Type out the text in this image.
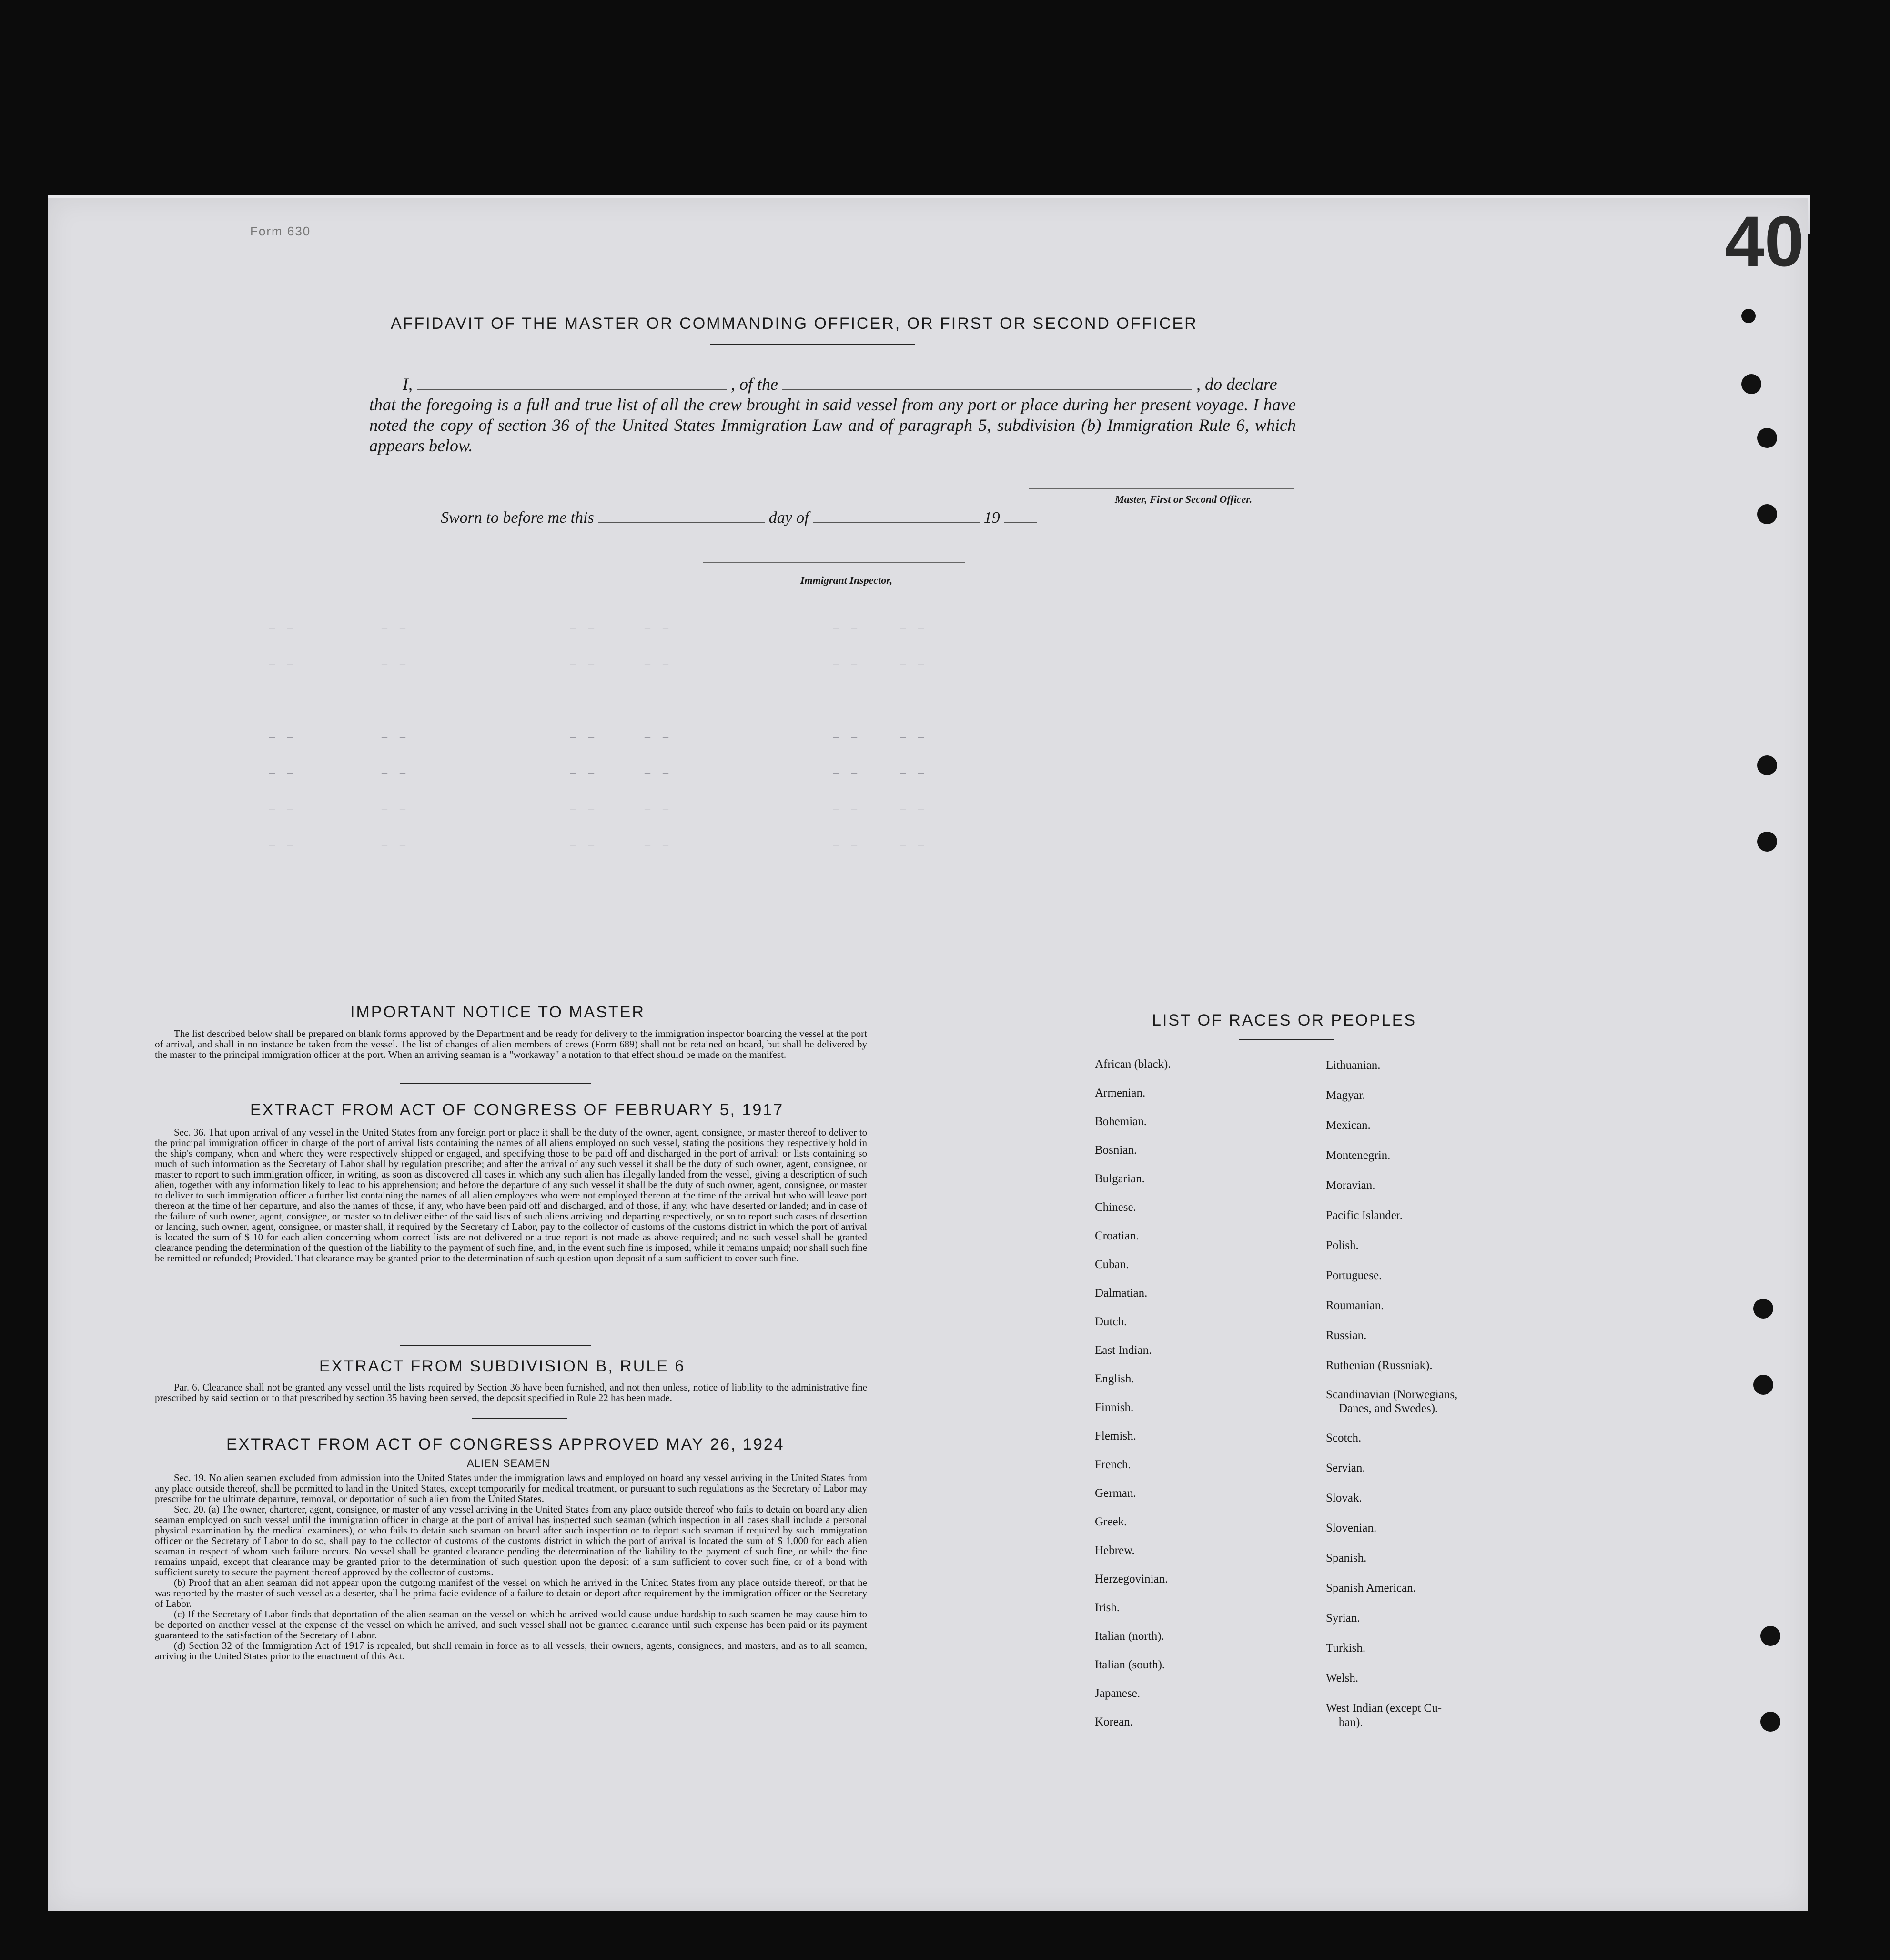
Form 630	40
AFFIDAVIT OF THE MASTER OR COMMANDING OFFICER, OR FIRST OR SECOND OFFICER
I,	, of the	, do declare
that the foregoing is a full and true list of all the crew brought in said vessel from any port or place during her present voyage. I have noted the copy of section 36 of the United States Immigration Law and of paragraph 5, subdivision (b) Immigration Rule 6, which appears below.
Master, First or Second Officer.
Sworn to before me this	day of	19
Immigrant Inspector,
– –           – –                     – –      – –                     – –     – –
– –           – –                     – –      – –                     – –     – –
– –           – –                     – –      – –                     – –     – –
– –           – –                     – –      – –                     – –     – –
– –           – –                     – –      – –                     – –     – –
– –           – –                     – –      – –                     – –     – –
– –           – –                     – –      – –                     – –     – –
IMPORTANT NOTICE TO MASTER

The list described below shall be prepared on blank forms approved by the Department and be ready for delivery to the immigration inspector boarding the vessel at the port of arrival, and shall in no instance be taken from the vessel. The list of changes of alien members of crews (Form 689) shall not be retained on board, but shall be delivered by the master to the principal immigration officer at the port. When an arriving seaman is a "workaway" a notation to that effect should be made on the manifest.

EXTRACT FROM ACT OF CONGRESS OF FEBRUARY 5, 1917

Sec. 36. That upon arrival of any vessel in the United States from any foreign port or place it shall be the duty of the owner, agent, consignee, or master thereof to deliver to the principal immigration officer in charge of the port of arrival lists containing the names of all aliens employed on such vessel, stating the positions they respectively hold in the ship's company, when and where they were respectively shipped or engaged, and specifying those to be paid off and discharged in the port of arrival; or lists containing so much of such information as the Secretary of Labor shall by regulation prescribe; and after the arrival of any such vessel it shall be the duty of such owner, agent, consignee, or master to report to such immigration officer, in writing, as soon as discovered all cases in which any such alien has illegally landed from the vessel, giving a description of such alien, together with any information likely to lead to his apprehension; and before the departure of any such vessel it shall be the duty of such owner, agent, consignee, or master to deliver to such immigration officer a further list containing the names of all alien employees who were not employed thereon at the time of the arrival but who will leave port thereon at the time of her departure, and also the names of those, if any, who have been paid off and discharged, and of those, if any, who have deserted or landed; and in case of the failure of such owner, agent, consignee, or master so to deliver either of the said lists of such aliens arriving and departing respectively, or so to report such cases of desertion or landing, such owner, agent, consignee, or master shall, if required by the Secretary of Labor, pay to the collector of customs of the customs district in which the port of arrival is located the sum of $ 10 for each alien concerning whom correct lists are not delivered or a true report is not made as above required; and no such vessel shall be granted clearance pending the determination of the question of the liability to the payment of such fine, and, in the event such fine is imposed, while it remains unpaid; nor shall such fine be remitted or refunded; Provided. That clearance may be granted prior to the determination of such question upon deposit of a sum sufficient to cover such fine.

EXTRACT FROM SUBDIVISION B, RULE 6

Par. 6. Clearance shall not be granted any vessel until the lists required by Section 36 have been furnished, and not then unless, notice of liability to the administrative fine prescribed by said section or to that prescribed by section 35 having been served, the deposit specified in Rule 22 has been made.

EXTRACT FROM ACT OF CONGRESS APPROVED MAY 26, 1924
ALIEN SEAMEN

Sec. 19. No alien seamen excluded from admission into the United States under the immigration laws and employed on board any vessel arriving in the United States from any place outside thereof, shall be permitted to land in the United States, except temporarily for medical treatment, or pursuant to such regulations as the Secretary of Labor may prescribe for the ultimate departure, removal, or deportation of such alien from the United States.

Sec. 20. (a) The owner, charterer, agent, consignee, or master of any vessel arriving in the United States from any place outside thereof who fails to detain on board any alien seaman employed on such vessel until the immigration officer in charge at the port of arrival has inspected such seaman (which inspection in all cases shall include a personal physical examination by the medical examiners), or who fails to detain such seaman on board after such inspection or to deport such seaman if required by such immigration officer or the Secretary of Labor to do so, shall pay to the collector of customs of the customs district in which the port of arrival is located the sum of $ 1,000 for each alien seaman in respect of whom such failure occurs. No vessel shall be granted clearance pending the determination of the liability to the payment of such fine, or while the fine remains unpaid, except that clearance may be granted prior to the determination of such question upon the deposit of a sum sufficient to cover such fine, or of a bond with sufficient surety to secure the payment thereof approved by the collector of customs.

(b) Proof that an alien seaman did not appear upon the outgoing manifest of the vessel on which he arrived in the United States from any place outside thereof, or that he was reported by the master of such vessel as a deserter, shall be prima facie evidence of a failure to detain or deport after requirement by the immigration officer or the Secretary of Labor.

(c) If the Secretary of Labor finds that deportation of the alien seaman on the vessel on which he arrived would cause undue hardship to such seamen he may cause him to be deported on another vessel at the expense of the vessel on which he arrived, and such vessel shall not be granted clearance until such expense has been paid or its payment guaranteed to the satisfaction of the Secretary of Labor.

(d) Section 32 of the Immigration Act of 1917 is repealed, but shall remain in force as to all vessels, their owners, agents, consignees, and masters, and as to all seamen, arriving in the United States prior to the enactment of this Act.

LIST OF RACES OR PEOPLES
African (black).
Armenian.
Bohemian.
Bosnian.
Bulgarian.
Chinese.
Croatian.
Cuban.
Dalmatian.
Dutch.
East Indian.
English.
Finnish.
Flemish.
French.
German.
Greek.
Hebrew.
Herzegovinian.
Irish.
Italian (north).
Italian (south).
Japanese.
Korean.
Lithuanian.
Magyar.
Mexican.
Montenegrin.
Moravian.
Pacific Islander.
Polish.
Portuguese.
Roumanian.
Russian.
Ruthenian (Russniak).
Scandinavian (Norwegians,
Danes, and Swedes).
Scotch.
Servian.
Slovak.
Slovenian.
Spanish.
Spanish American.
Syrian.
Turkish.
Welsh.
West Indian (except Cu-
ban).
